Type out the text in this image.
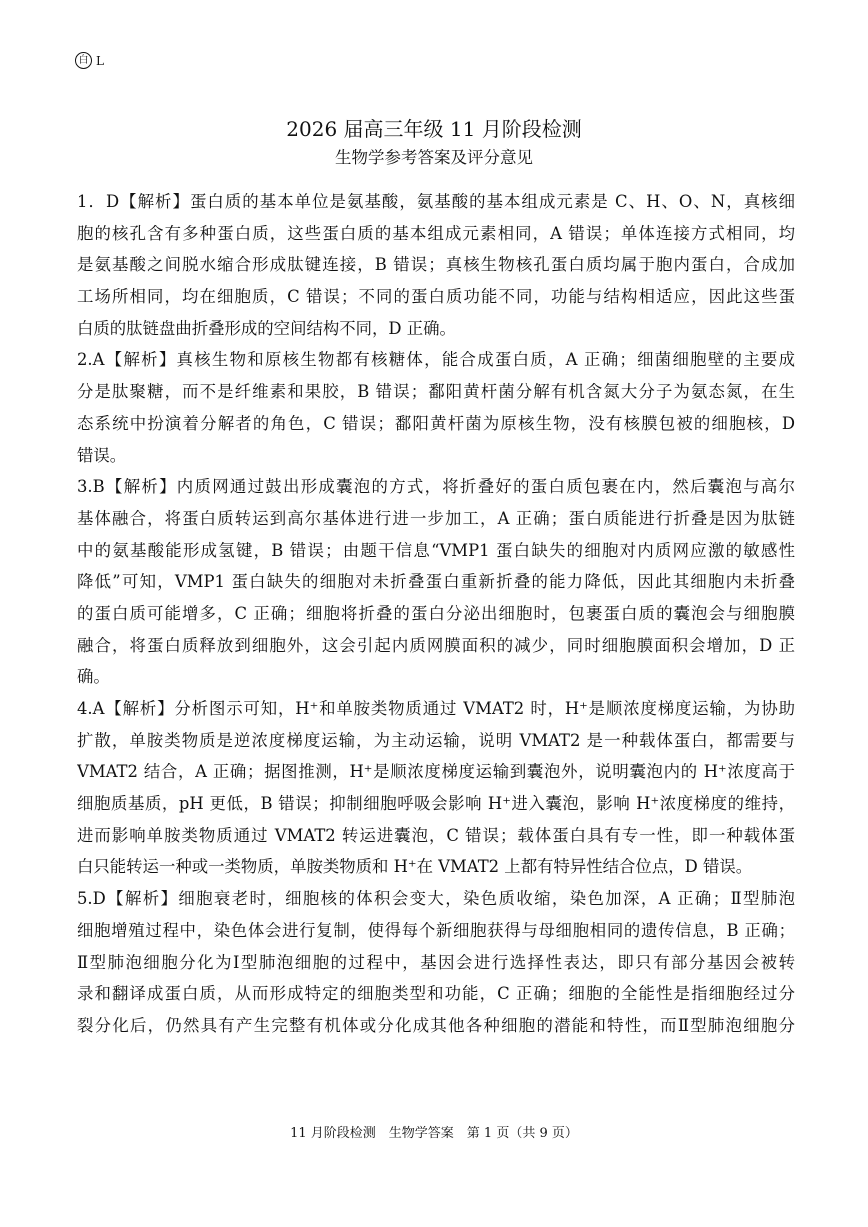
白 L
2026 届高三年级 11 月阶段检测
生物学参考答案及评分意见
1．D【解析】蛋白质的基本单位是氨基酸，氨基酸的基本组成元素是 C、H、O、N，真核细
胞的核孔含有多种蛋白质，这些蛋白质的基本组成元素相同，A 错误；单体连接方式相同，均
是氨基酸之间脱水缩合形成肽键连接，B 错误；真核生物核孔蛋白质均属于胞内蛋白，合成加
工场所相同，均在细胞质，C 错误；不同的蛋白质功能不同，功能与结构相适应，因此这些蛋
白质的肽链盘曲折叠形成的空间结构不同，D 正确。
2.A【解析】真核生物和原核生物都有核糖体，能合成蛋白质，A 正确；细菌细胞壁的主要成
分是肽聚糖，而不是纤维素和果胶，B 错误；鄱阳黄杆菌分解有机含氮大分子为氨态氮，在生
态系统中扮演着分解者的角色，C 错误；鄱阳黄杆菌为原核生物，没有核膜包被的细胞核，D
错误。
3.B【解析】内质网通过鼓出形成囊泡的方式，将折叠好的蛋白质包裹在内，然后囊泡与高尔
基体融合，将蛋白质转运到高尔基体进行进一步加工，A 正确；蛋白质能进行折叠是因为肽链
中的氨基酸能形成氢键，B 错误；由题干信息“VMP1 蛋白缺失的细胞对内质网应激的敏感性
降低”可知，VMP1 蛋白缺失的细胞对未折叠蛋白重新折叠的能力降低，因此其细胞内未折叠
的蛋白质可能增多，C 正确；细胞将折叠的蛋白分泌出细胞时，包裹蛋白质的囊泡会与细胞膜
融合，将蛋白质释放到细胞外，这会引起内质网膜面积的减少，同时细胞膜面积会增加，D 正
确。
4.A【解析】分析图示可知，H⁺和单胺类物质通过 VMAT2 时，H⁺是顺浓度梯度运输，为协助
扩散，单胺类物质是逆浓度梯度运输，为主动运输，说明 VMAT2 是一种载体蛋白，都需要与
VMAT2 结合，A 正确；据图推测，H⁺是顺浓度梯度运输到囊泡外，说明囊泡内的 H⁺浓度高于
细胞质基质，pH 更低，B 错误；抑制细胞呼吸会影响 H⁺进入囊泡，影响 H⁺浓度梯度的维持，
进而影响单胺类物质通过 VMAT2 转运进囊泡，C 错误；载体蛋白具有专一性，即一种载体蛋
白只能转运一种或一类物质，单胺类物质和 H⁺在 VMAT2 上都有特异性结合位点，D 错误。
5.D【解析】细胞衰老时，细胞核的体积会变大，染色质收缩，染色加深，A 正确；Ⅱ型肺泡
细胞增殖过程中，染色体会进行复制，使得每个新细胞获得与母细胞相同的遗传信息，B 正确；
Ⅱ型肺泡细胞分化为Ⅰ型肺泡细胞的过程中，基因会进行选择性表达，即只有部分基因会被转
录和翻译成蛋白质，从而形成特定的细胞类型和功能，C 正确；细胞的全能性是指细胞经过分
裂分化后，仍然具有产生完整有机体或分化成其他各种细胞的潜能和特性，而Ⅱ型肺泡细胞分
11 月阶段检测　生物学答案　第 1 页（共 9 页）
